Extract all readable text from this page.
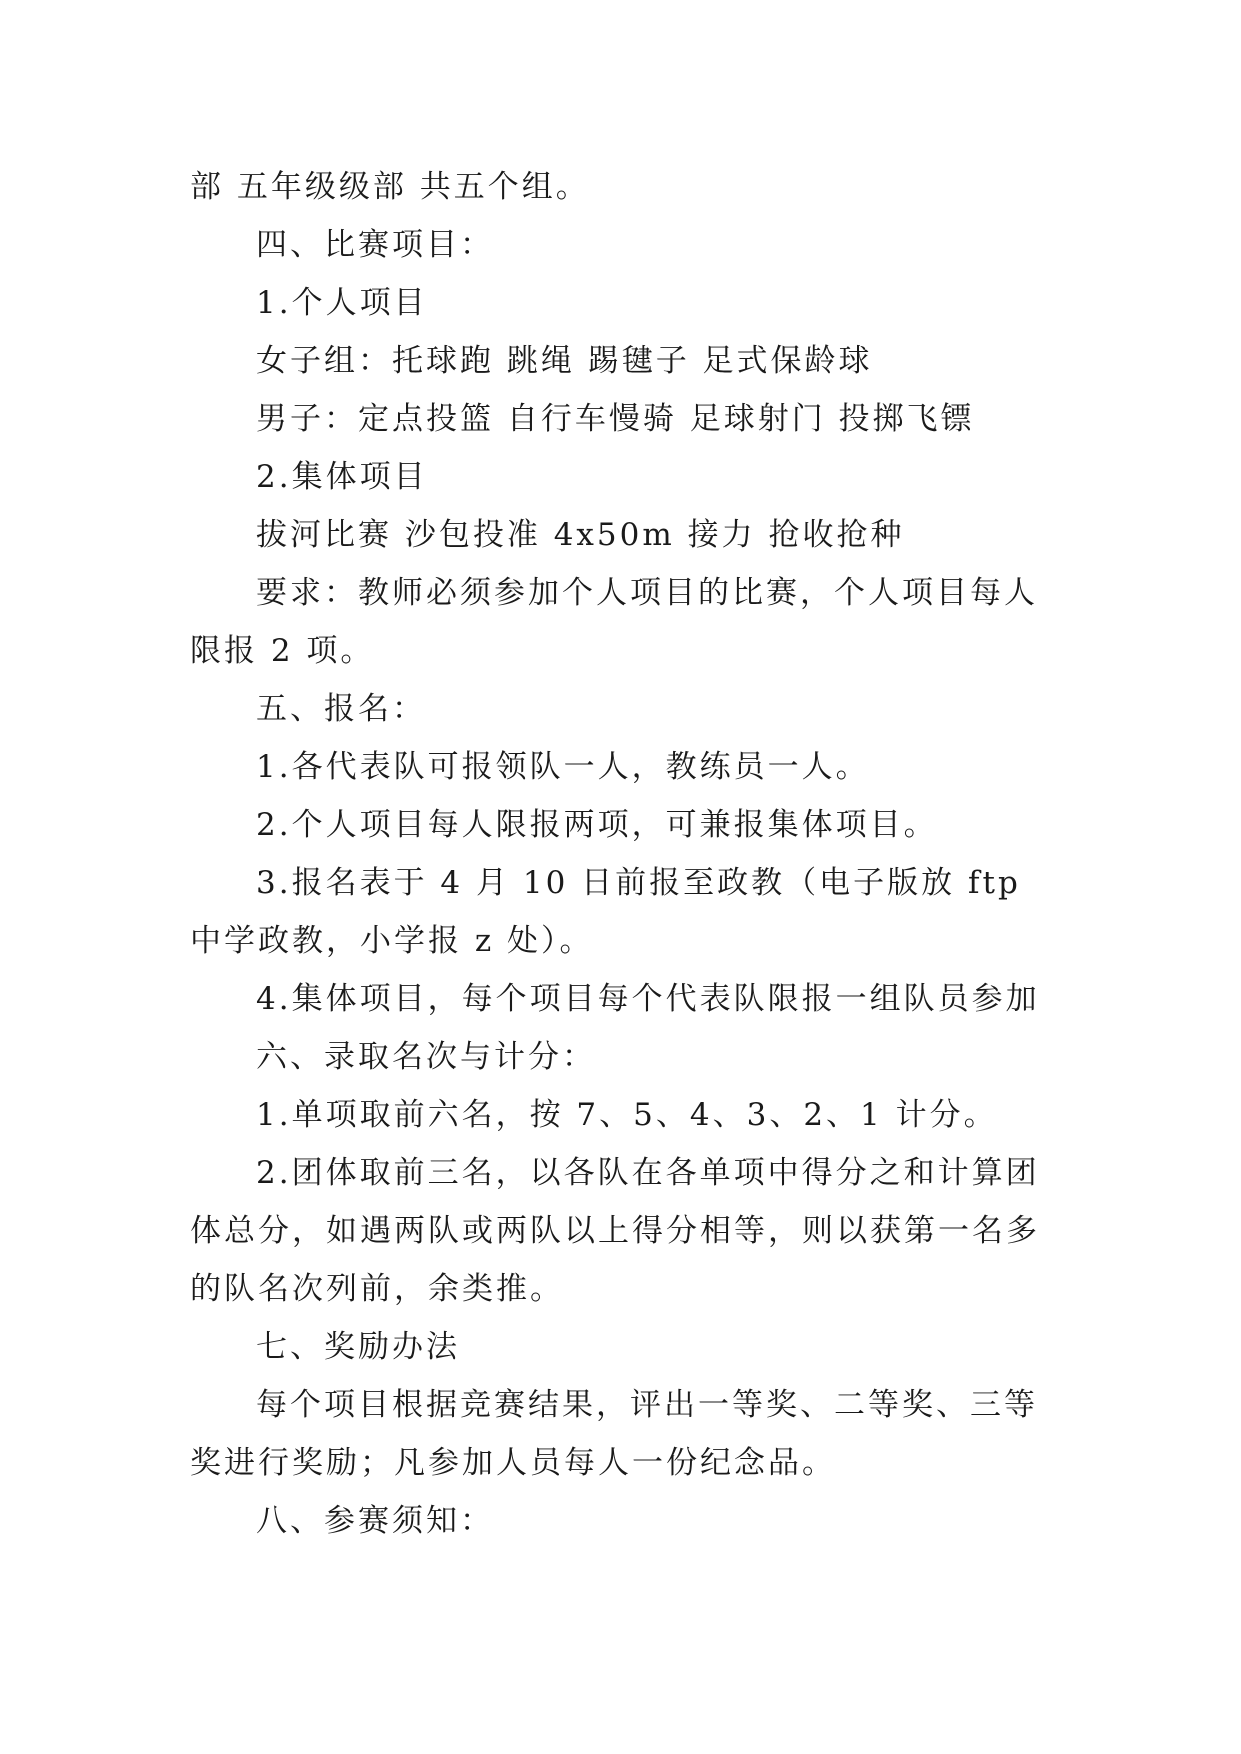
部 五年级级部 共五个组。

四、比赛项目：

1.个人项目

女子组：托球跑 跳绳 踢毽子 足式保龄球

男子：定点投篮 自行车慢骑 足球射门 投掷飞镖

2.集体项目

拔河比赛 沙包投准 4x50m 接力 抢收抢种

要求：教师必须参加个人项目的比赛，个人项目每人限报 2 项。

五、报名：

1.各代表队可报领队一人，教练员一人。

2.个人项目每人限报两项，可兼报集体项目。

3.报名表于 4 月 10 日前报至政教（电子版放 ftp 中学政教，小学报 z 处）。

4.集体项目，每个项目每个代表队限报一组队员参加

六、录取名次与计分：

1.单项取前六名，按 7、5、4、3、2、1 计分。

2.团体取前三名，以各队在各单项中得分之和计算团体总分，如遇两队或两队以上得分相等，则以获第一名多的队名次列前，余类推。

七、奖励办法

每个项目根据竞赛结果，评出一等奖、二等奖、三等奖进行奖励；凡参加人员每人一份纪念品。

八、参赛须知：
